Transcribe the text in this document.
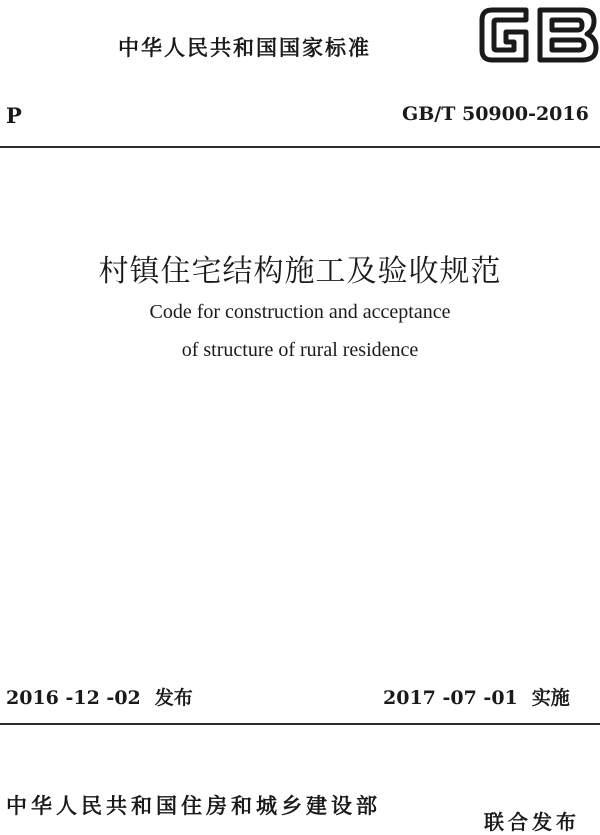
中华人民共和国国家标准
P	GB/T 50900-2016
村镇住宅结构施工及验收规范
Code for construction and acceptance
of structure of rural residence
2016 -12 -02 发布	2017 -07 -01 实施
中华人民共和国住房和城乡建设部
联合发布
